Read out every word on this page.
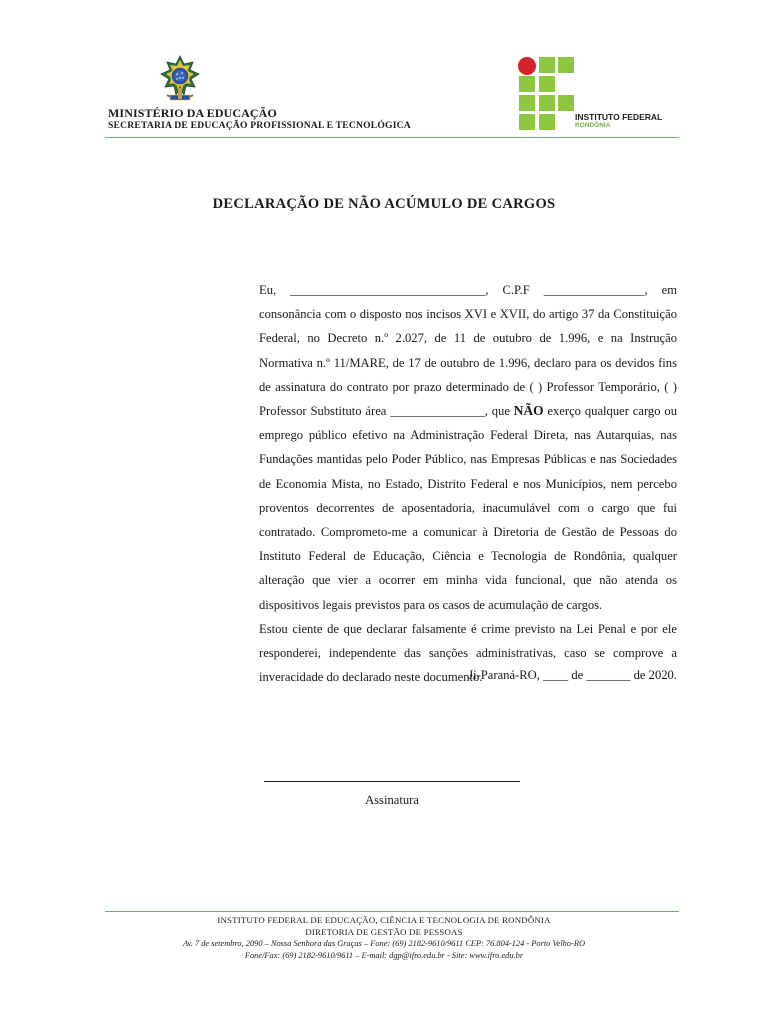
MINISTÉRIO DA EDUCAÇÃO
SECRETARIA DE EDUCAÇÃO PROFISSIONAL E TECNOLÓGICA
INSTITUTO FEDERAL
RONDÔNIA
DECLARAÇÃO DE NÃO ACÚMULO DE CARGOS

Eu, _______________________________, C.P.F ________________, em consonância com o disposto nos incisos XVI e XVII, do artigo 37 da Constituição Federal, no Decreto n.º 2.027, de 11 de outubro de 1.996, e na Instrução Normativa n.º 11/MARE, de 17 de outubro de 1.996, declaro para os devidos fins de assinatura do contrato por prazo determinado de ( ) Professor Temporário, ( ) Professor Substituto área _______________, que NÃO exerço qualquer cargo ou emprego público efetivo na Administração Federal Direta, nas Autarquias, nas Fundações mantidas pelo Poder Público, nas Empresas Públicas e nas Sociedades de Economia Mista, no Estado, Distrito Federal e nos Municípios, nem percebo proventos decorrentes de aposentadoria, inacumulável com o cargo que fui contratado. Comprometo-me a comunicar à Diretoria de Gestão de Pessoas do Instituto Federal de Educação, Ciência e Tecnologia de Rondônia, qualquer alteração que vier a ocorrer em minha vida funcional, que não atenda os dispositivos legais previstos para os casos de acumulação de cargos.

Estou ciente de que declarar falsamente é crime previsto na Lei Penal e por ele responderei, independente das sanções administrativas, caso se comprove a inveracidade do declarado neste documento.

Ji-Paraná-RO, ____ de _______ de 2020.
Assinatura
INSTITUTO FEDERAL DE EDUCAÇÃO, CIÊNCIA E TECNOLOGIA DE RONDÔNIA
DIRETORIA DE GESTÃO DE PESSOAS
Av. 7 de setembro, 2090 – Nossa Senhora das Graças – Fone: (69) 2182-9610/9611 CEP: 76.804-124 - Porto Velho-RO
Fone/Fax: (69) 2182-9610/9611 – E-mail: dgp@ifro.edu.br - Site: www.ifro.edu.br
